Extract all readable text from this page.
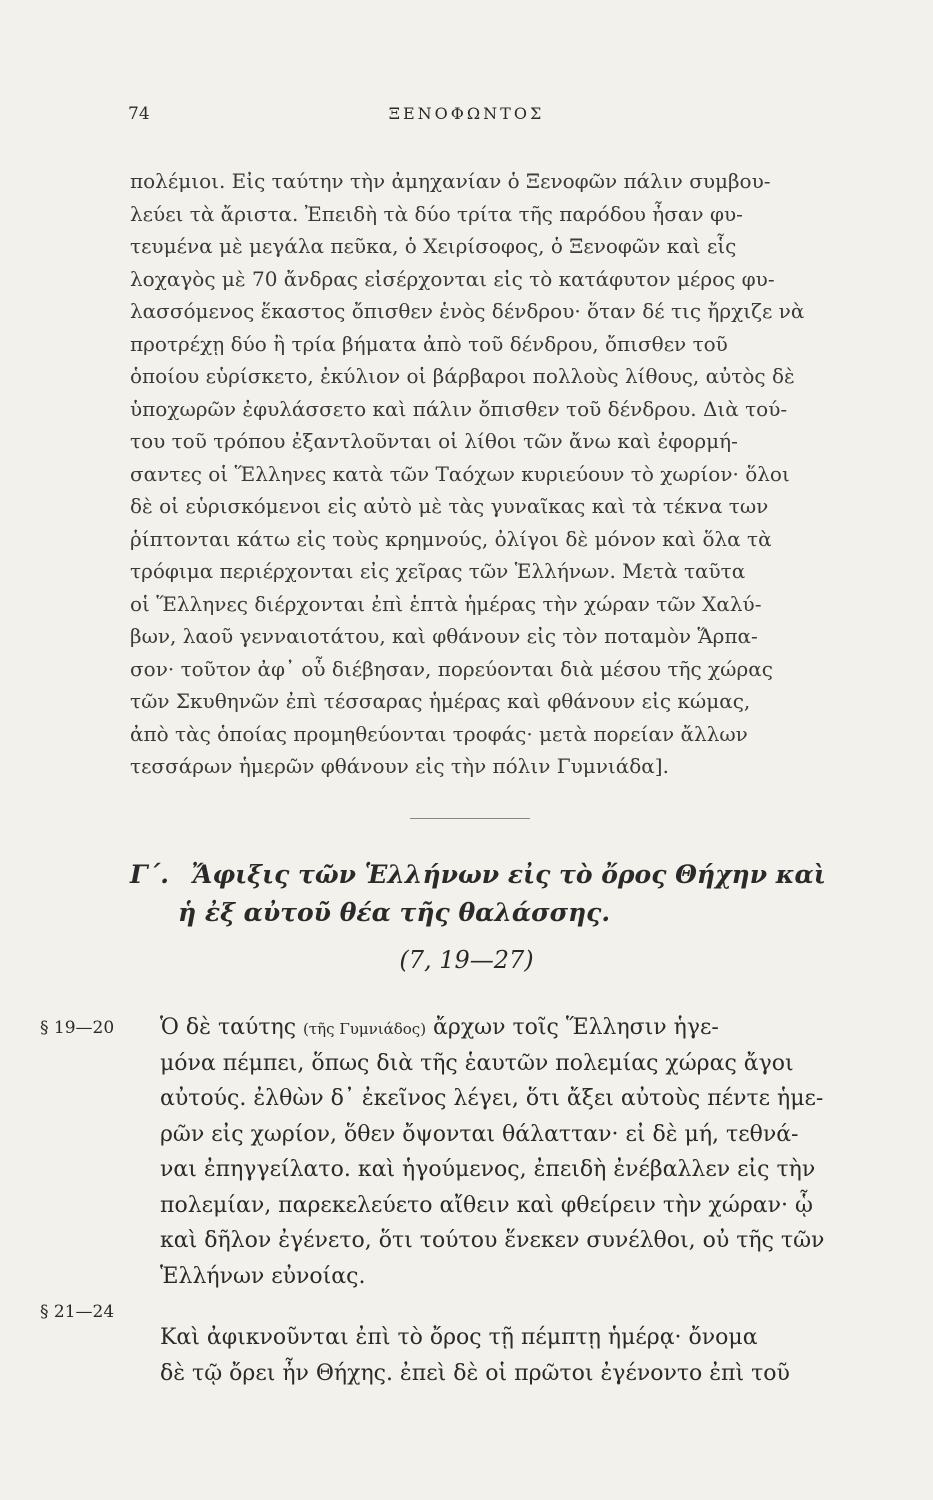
74	ΞΕΝΟΦΩΝΤΟΣ
πολέμιοι. Εἰς ταύτην τὴν ἀμηχανίαν ὁ Ξενοφῶν πάλιν συμβου-
λεύει τὰ ἄριστα. Ἐπειδὴ τὰ δύο τρίτα τῆς παρόδου ἦσαν φυ-
τευμένα μὲ μεγάλα πεῦκα, ὁ Χειρίσοφος, ὁ Ξενοφῶν καὶ εἷς
λοχαγὸς μὲ 70 ἄνδρας εἰσέρχονται εἰς τὸ κατάφυτον μέρος φυ-
λασσόμενος ἕκαστος ὄπισθεν ἑνὸς δένδρου· ὅταν δέ τις ἤρχιζε νὰ
προτρέχῃ δύο ἢ τρία βήματα ἀπὸ τοῦ δένδρου, ὄπισθεν τοῦ
ὁποίου εὑρίσκετο, ἐκύλιον οἱ βάρβαροι πολλοὺς λίθους, αὐτὸς δὲ
ὑποχωρῶν ἐφυλάσσετο καὶ πάλιν ὄπισθεν τοῦ δένδρου. Διὰ τού-
του τοῦ τρόπου ἐξαντλοῦνται οἱ λίθοι τῶν ἄνω καὶ ἐφορμή-
σαντες οἱ Ἕλληνες κατὰ τῶν Ταόχων κυριεύουν τὸ χωρίον· ὅλοι
δὲ οἱ εὑρισκόμενοι εἰς αὐτὸ μὲ τὰς γυναῖκας καὶ τὰ τέκνα των
ῥίπτονται κάτω εἰς τοὺς κρημνούς, ὀλίγοι δὲ μόνον καὶ ὅλα τὰ
τρόφιμα περιέρχονται εἰς χεῖρας τῶν Ἑλλήνων. Μετὰ ταῦτα
οἱ Ἕλληνες διέρχονται ἐπὶ ἑπτὰ ἡμέρας τὴν χώραν τῶν Χαλύ-
βων, λαοῦ γενναιοτάτου, καὶ φθάνουν εἰς τὸν ποταμὸν Ἅρπα-
σον· τοῦτον ἀφ᾽ οὗ διέβησαν, πορεύονται διὰ μέσου τῆς χώρας
τῶν Σκυθηνῶν ἐπὶ τέσσαρας ἡμέρας καὶ φθάνουν εἰς κώμας,
ἀπὸ τὰς ὁποίας προμηθεύονται τροφάς· μετὰ πορείαν ἄλλων
τεσσάρων ἡμερῶν φθάνουν εἰς τὴν πόλιν Γυμνιάδα].
Γ´. Ἄφιξις τῶν Ἑλλήνων εἰς τὸ ὄρος Θήχην καὶ
ἡ ἐξ αὐτοῦ θέα τῆς θαλάσσης.
(7, 19—27)
§ 19—20
§ 21—24
Ὁ δὲ ταύτης (τῆς Γυμνιάδος) ἄρχων τοῖς Ἕλλησιν ἡγε-
μόνα πέμπει, ὅπως διὰ τῆς ἑαυτῶν πολεμίας χώρας ἄγοι
αὐτούς. ἐλθὼν δ᾽ ἐκεῖνος λέγει, ὅτι ἄξει αὐτοὺς πέντε ἡμε-
ρῶν εἰς χωρίον, ὅθεν ὄψονται θάλατταν· εἰ δὲ μή, τεθνά-
ναι ἐπηγγείλατο. καὶ ἡγούμενος, ἐπειδὴ ἐνέβαλλεν εἰς τὴν
πολεμίαν, παρεκελεύετο αἴθειν καὶ φθείρειν τὴν χώραν· ᾧ
καὶ δῆλον ἐγένετο, ὅτι τούτου ἕνεκεν συνέλθοι, οὐ τῆς τῶν
Ἑλλήνων εὐνοίας.
Καὶ ἀφικνοῦνται ἐπὶ τὸ ὄρος τῇ πέμπτῃ ἡμέρᾳ· ὄνομα
δὲ τῷ ὄρει ἦν Θήχης. ἐπεὶ δὲ οἱ πρῶτοι ἐγένοντο ἐπὶ τοῦ
